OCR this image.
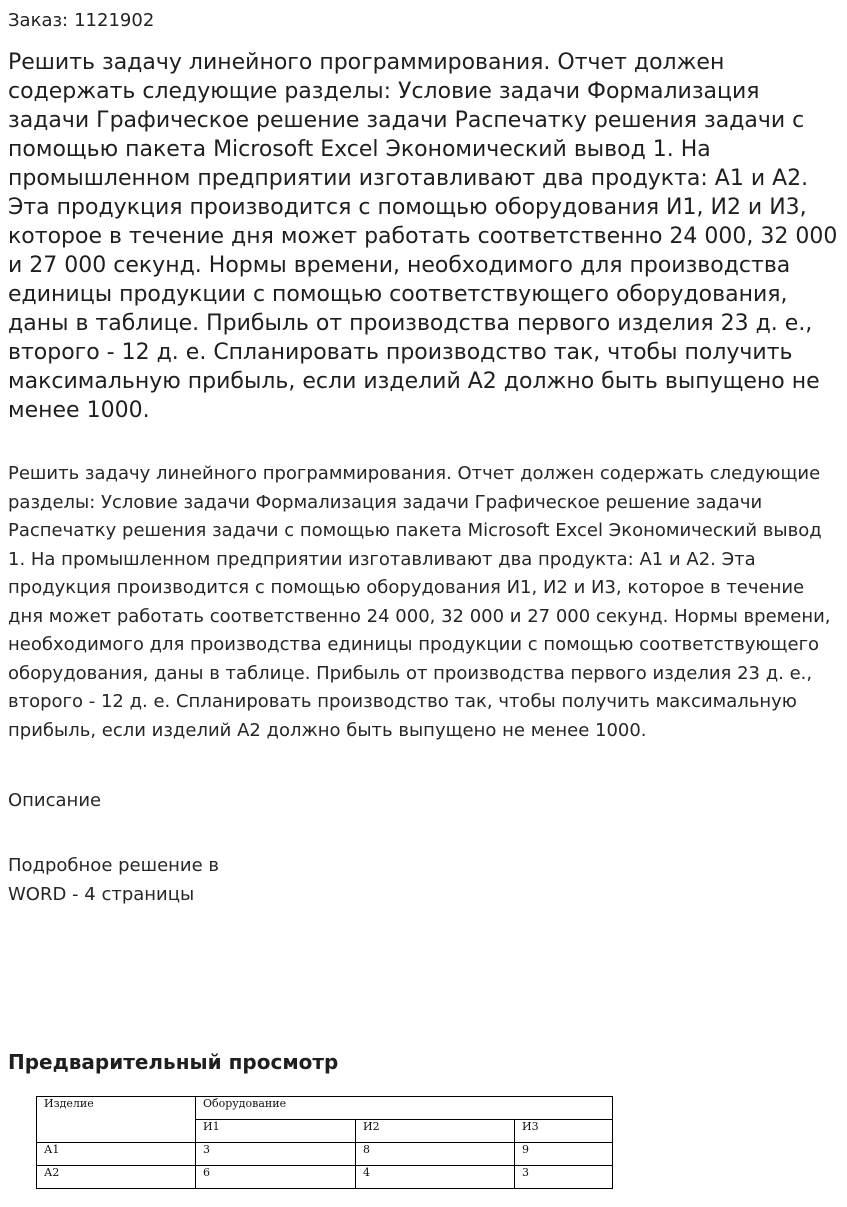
Заказ: 1121902
Решить задачу линейного программирования. Отчет должен содержать следующие разделы: Условие задачи Формализация задачи Графическое решение задачи Распечатку решения задачи с помощью пакета Microsoft Excel Экономический вывод 1. На промышленном предприятии изготавливают два продукта: А1 и А2. Эта продукция производится с помощью оборудования И1, И2 и И3, которое в течение дня может работать соответственно 24 000, 32 000 и 27 000 секунд. Нормы времени, необходимого для производства единицы продукции с помощью соответствующего оборудования, даны в таблице. Прибыль от производства первого изделия 23 д. е., второго - 12 д. е. Спланировать производство так, чтобы получить максимальную прибыль, если изделий А2 должно быть выпущено не менее 1000.

Решить задачу линейного программирования. Отчет должен содержать следующие разделы: Условие задачи Формализация задачи Графическое решение задачи Распечатку решения задачи с помощью пакета Microsoft Excel Экономический вывод 1. На промышленном предприятии изготавливают два продукта: А1 и А2. Эта продукция производится с помощью оборудования И1, И2 и И3, которое в течение дня может работать соответственно 24 000, 32 000 и 27 000 секунд. Нормы времени, необходимого для производства единицы продукции с помощью соответствующего оборудования, даны в таблице. Прибыль от производства первого изделия 23 д. е., второго - 12 д. е. Спланировать производство так, чтобы получить максимальную прибыль, если изделий А2 должно быть выпущено не менее 1000.

Описание
Подробное решение в WORD - 4 страницы
Предварительный просмотр
Изделие	Оборудование		
	И1	И2	И3
А1	3	8	9
А2	6	4	3
